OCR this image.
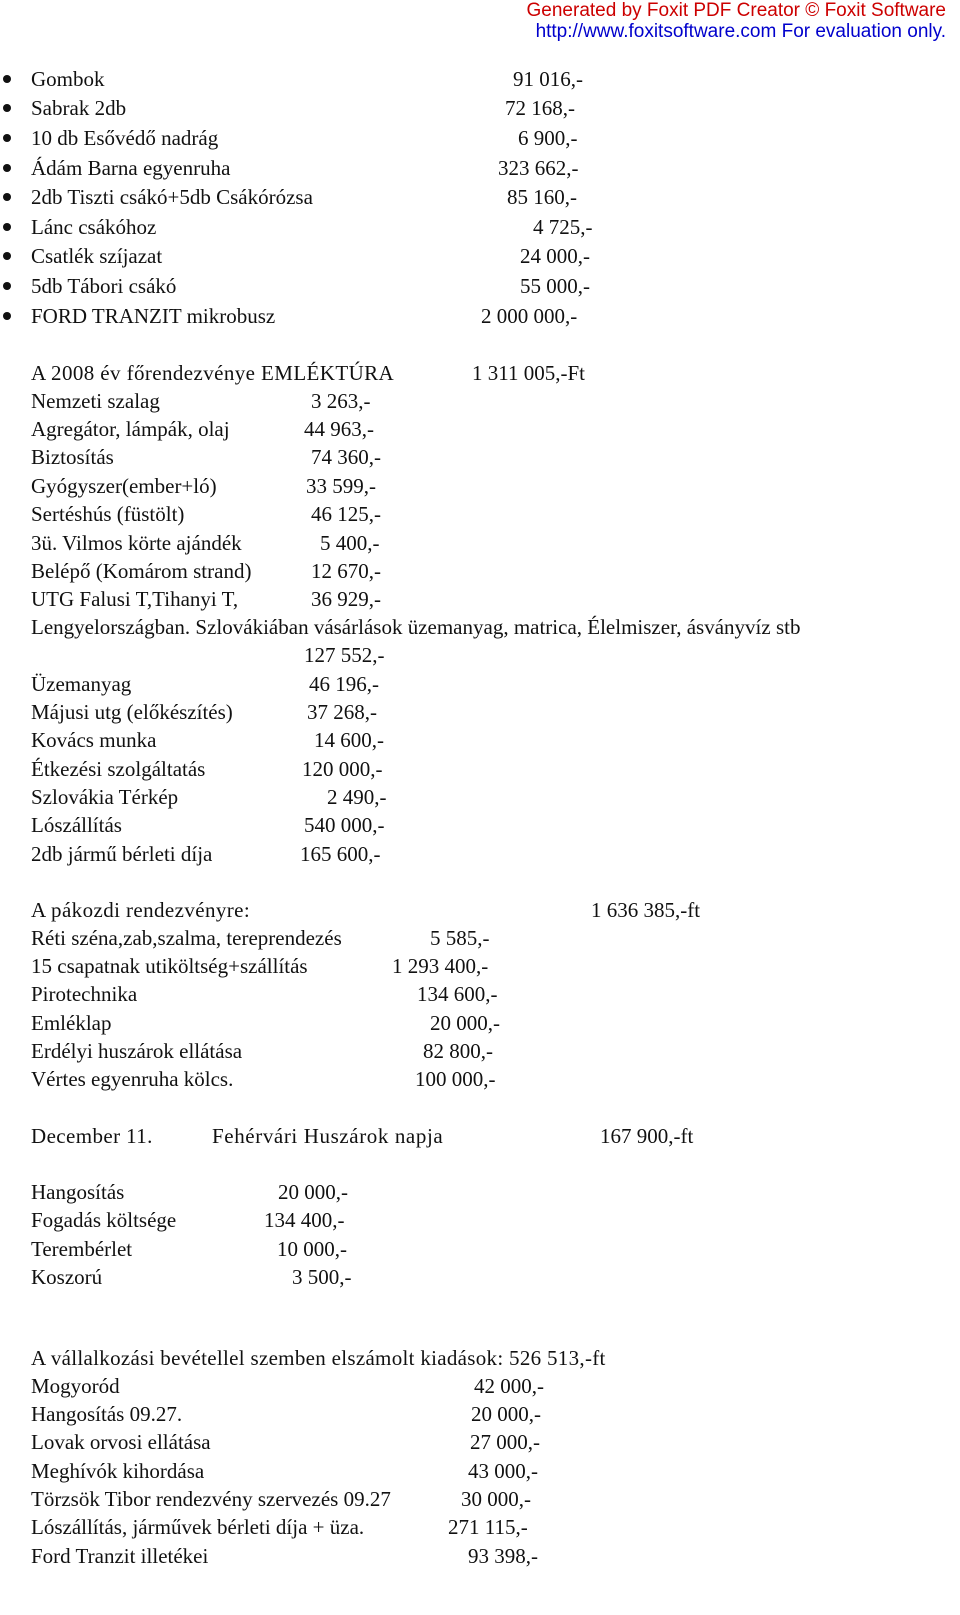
Generated by Foxit PDF Creator © Foxit Software
http://www.foxitsoftware.com For evaluation only.
Gombok	91 016,-
Sabrak 2db	72 168,-
10 db Esővédő nadrág	6 900,-
Ádám Barna egyenruha	323 662,-
2db Tiszti csákó+5db Csákórózsa	85 160,-
Lánc csákóhoz	4 725,-
Csatlék szíjazat	24 000,-
5db Tábori csákó	55 000,-
FORD TRANZIT mikrobusz	2 000 000,-
A 2008 év főrendezvénye EMLÉKTÚRA	1 311 005,-Ft
Nemzeti szalag	3 263,-
Agregátor, lámpák, olaj	44 963,-
Biztosítás	74 360,-
Gyógyszer(ember+ló)	33 599,-
Sertéshús (füstölt)	46 125,-
3ü. Vilmos körte ajándék	5 400,-
Belépő (Komárom strand)	12 670,-
UTG Falusi T,Tihanyi T,	36 929,-
Lengyelországban. Szlovákiában vásárlások üzemanyag, matrica, Élelmiszer, ásványvíz stb
127 552,-
Üzemanyag	46 196,-
Májusi utg (előkészítés)	37 268,-
Kovács munka	14 600,-
Étkezési szolgáltatás	120 000,-
Szlovákia Térkép	2 490,-
Lószállítás	540 000,-
2db jármű bérleti díja	165 600,-
A pákozdi rendezvényre:	1 636 385,-ft
Réti széna,zab,szalma, tereprendezés	5 585,-
15 csapatnak utiköltség+szállítás	1 293 400,-
Pirotechnika	134 600,-
Emléklap	20 000,-
Erdélyi huszárok ellátása	82 800,-
Vértes egyenruha kölcs.	100 000,-
December 11.	Fehérvári Huszárok napja	167 900,-ft
Hangosítás	20 000,-
Fogadás költsége	134 400,-
Terembérlet	10 000,-
Koszorú	3 500,-
A vállalkozási bevétellel szemben elszámolt kiadások: 526 513,-ft
Mogyoród	42 000,-
Hangosítás 09.27.	20 000,-
Lovak orvosi ellátása	27 000,-
Meghívók kihordása	43 000,-
Törzsök Tibor rendezvény szervezés 09.27	30 000,-
Lószállítás, járművek bérleti díja + üza.	271 115,-
Ford Tranzit illetékei	93 398,-
